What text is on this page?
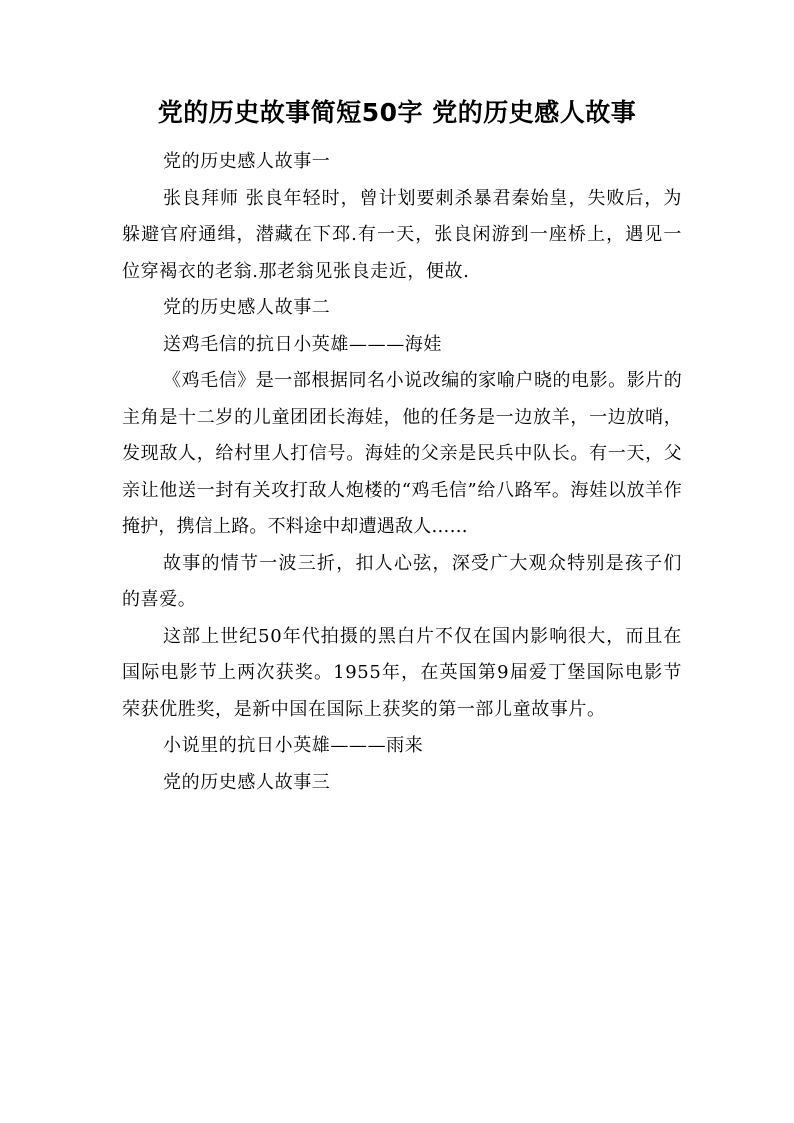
党的历史故事简短50字 党的历史感人故事

党的历史感人故事一

张良拜师 张良年轻时，曾计划要刺杀暴君秦始皇，失败后，为躲避官府通缉，潜藏在下邳.有一天，张良闲游到一座桥上，遇见一位穿褐衣的老翁.那老翁见张良走近，便故.

党的历史感人故事二

送鸡毛信的抗日小英雄———海娃

《鸡毛信》是一部根据同名小说改编的家喻户晓的电影。影片的主角是十二岁的儿童团团长海娃，他的任务是一边放羊，一边放哨，发现敌人，给村里人打信号。海娃的父亲是民兵中队长。有一天，父亲让他送一封有关攻打敌人炮楼的“鸡毛信”给八路军。海娃以放羊作掩护，携信上路。不料途中却遭遇敌人……

故事的情节一波三折，扣人心弦，深受广大观众特别是孩子们的喜爱。

这部上世纪50年代拍摄的黑白片不仅在国内影响很大，而且在国际电影节上两次获奖。1955年，在英国第9届爱丁堡国际电影节荣获优胜奖，是新中国在国际上获奖的第一部儿童故事片。

小说里的抗日小英雄———雨来

党的历史感人故事三
